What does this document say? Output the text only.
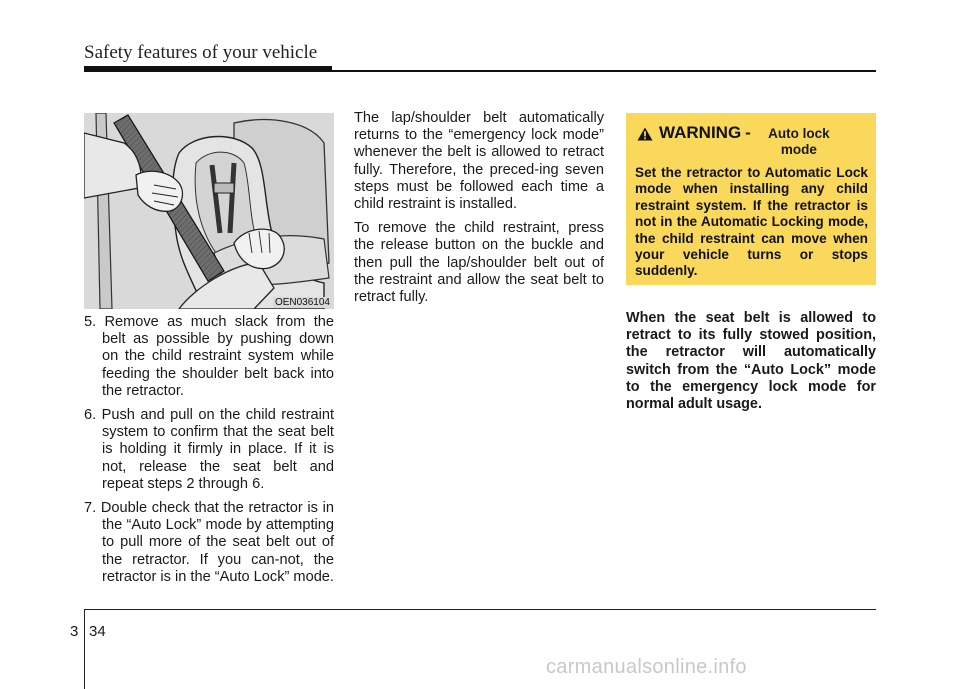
Safety features of your vehicle
OEN036104

5. Remove as much slack from the belt as possible by pushing down on the child restraint system while feeding the shoulder belt back into the retractor.

6. Push and pull on the child restraint system to confirm that the seat belt is holding it firmly in place. If it is not, release the seat belt and repeat steps 2 through 6.

7. Double check that the retractor is in the “Auto Lock” mode by attempting to pull more of the seat belt out of the retractor. If you can-not, the retractor is in the “Auto Lock” mode.

The lap/shoulder belt automatically returns to the “emergency lock mode” whenever the belt is allowed to retract fully. Therefore, the preced-ing seven steps must be followed each time a child restraint is installed.

To remove the child restraint, press the release button on the buckle and then pull the lap/shoulder belt out of the restraint and allow the seat belt to retract fully.

WARNING -	Auto lock mode
Set the retractor to Automatic Lock mode when installing any child restraint system. If the retractor is not in the Automatic Locking mode, the child restraint can move when your vehicle turns or stops suddenly.
When the seat belt is allowed to retract to its fully stowed position, the retractor will automatically switch from the “Auto Lock” mode to the emergency lock mode for normal adult usage.
3 34
carmanualsonline.info
